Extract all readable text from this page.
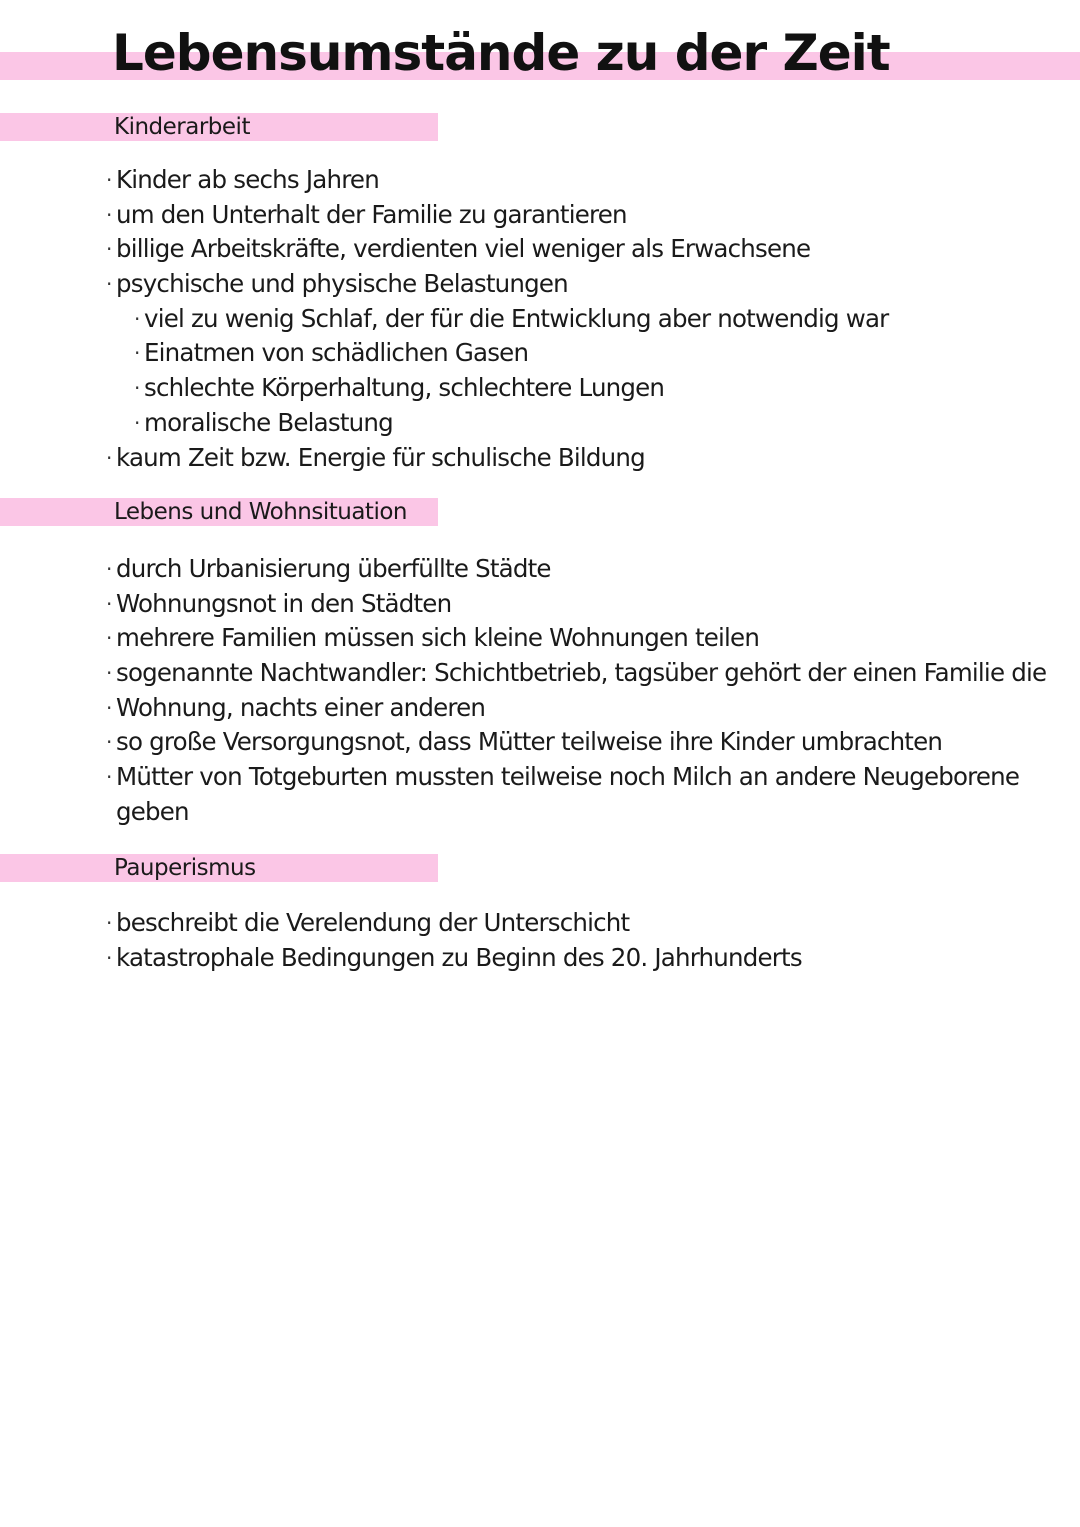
Lebensumstände zu der Zeit
Kinderarbeit
· Kinder ab sechs Jahren
· um den Unterhalt der Familie zu garantieren
· billige Arbeitskräfte, verdienten viel weniger als Erwachsene
· psychische und physische Belastungen
· viel zu wenig Schlaf, der für die Entwicklung aber notwendig war
· Einatmen von schädlichen Gasen
· schlechte Körperhaltung, schlechtere Lungen
· moralische Belastung
· kaum Zeit bzw. Energie für schulische Bildung
Lebens und Wohnsituation
· durch Urbanisierung überfüllte Städte
· Wohnungsnot in den Städten
· mehrere Familien müssen sich kleine Wohnungen teilen
· sogenannte Nachtwandler: Schichtbetrieb, tagsüber gehört der einen Familie die
· Wohnung, nachts einer anderen
· so große Versorgungsnot, dass Mütter teilweise ihre Kinder umbrachten
· Mütter von Totgeburten mussten teilweise noch Milch an andere Neugeborene
geben
Pauperismus
· beschreibt die Verelendung der Unterschicht
· katastrophale Bedingungen zu Beginn des 20. Jahrhunderts
